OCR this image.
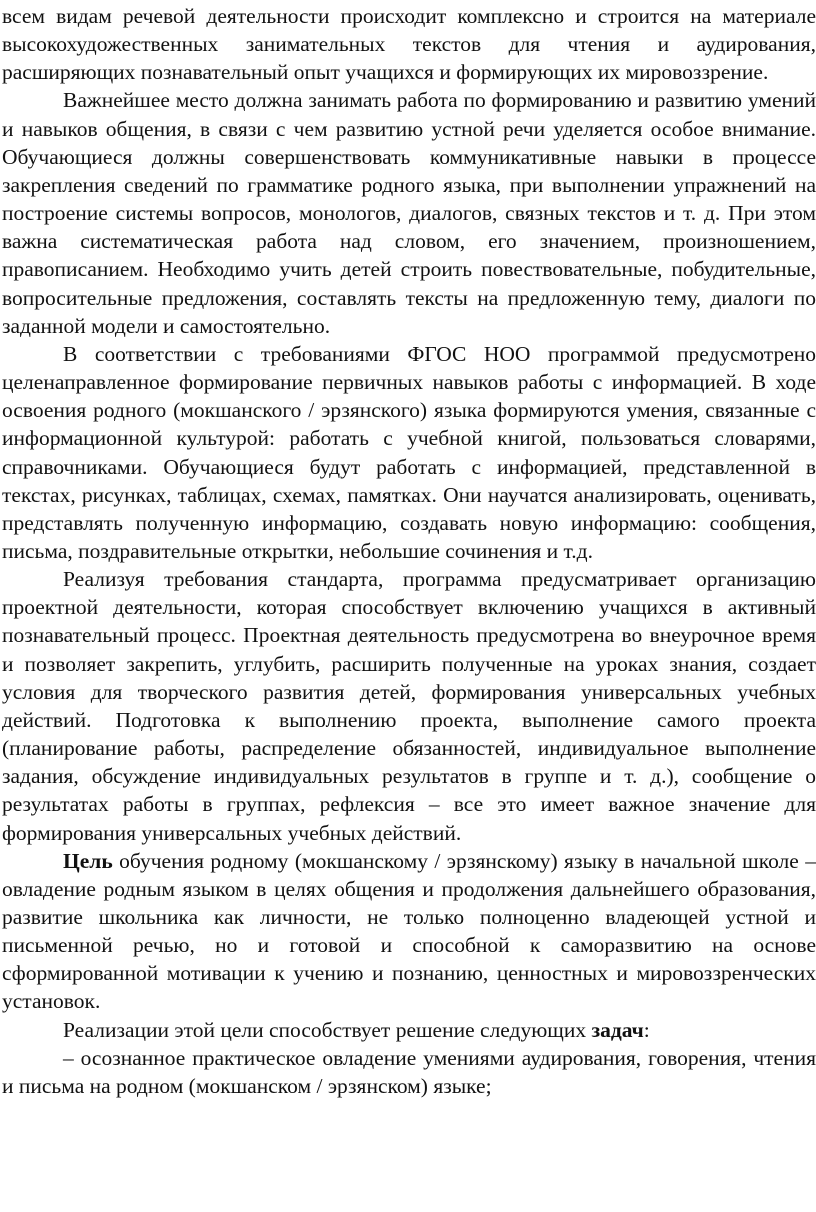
всем видам речевой деятельности происходит комплексно и строится на материале высокохудожественных занимательных текстов для чтения и аудирования, расширяющих познавательный опыт учащихся и формирующих их мировоззрение.

Важнейшее место должна занимать работа по формированию и развитию умений и навыков общения, в связи с чем развитию устной речи уделяется особое внимание. Обучающиеся должны совершенствовать коммуникативные навыки в процессе закрепления сведений по грамматике родного языка, при выполнении упражнений на построение системы вопросов, монологов, диалогов, связных текстов и т. д. При этом важна систематическая работа над словом, его значением, произношением, правописанием. Необходимо учить детей строить повествовательные, побудительные, вопросительные предложения, составлять тексты на предложенную тему, диалоги по заданной модели и самостоятельно.

В соответствии с требованиями ФГОС НОО программой предусмотрено целенаправленное формирование первичных навыков работы с информацией. В ходе освоения родного (мокшанского / эрзянского) языка формируются умения, связанные с информационной культурой: работать с учебной книгой, пользоваться словарями, справочниками. Обучающиеся будут работать с информацией, представленной в текстах, рисунках, таблицах, схемах, памятках. Они научатся анализировать, оценивать, представлять полученную информацию, создавать новую информацию: сообщения, письма, поздравительные открытки, небольшие сочинения и т.д.

Реализуя требования стандарта, программа предусматривает организацию проектной деятельности, которая способствует включению учащихся в активный познавательный процесс. Проектная деятельность предусмотрена во внеурочное время и позволяет закрепить, углубить, расширить полученные на уроках знания, создает условия для творческого развития детей, формирования универсальных учебных действий. Подготовка к выполнению проекта, выполнение самого проекта (планирование работы, распределение обязанностей, индивидуальное выполнение задания, обсуждение индивидуальных результатов в группе и т. д.), сообщение о результатах работы в группах, рефлексия – все это имеет важное значение для формирования универсальных учебных действий.

Цель обучения родному (мокшанскому / эрзянскому) языку в начальной школе – овладение родным языком в целях общения и продолжения дальнейшего образования, развитие школьника как личности, не только полноценно владеющей устной и письменной речью, но и готовой и способной к саморазвитию на основе сформированной мотивации к учению и познанию, ценностных и мировоззренческих установок.

Реализации этой цели способствует решение следующих задач:

– осознанное практическое овладение умениями аудирования, говорения, чтения и письма на родном (мокшанском / эрзянском) языке;
